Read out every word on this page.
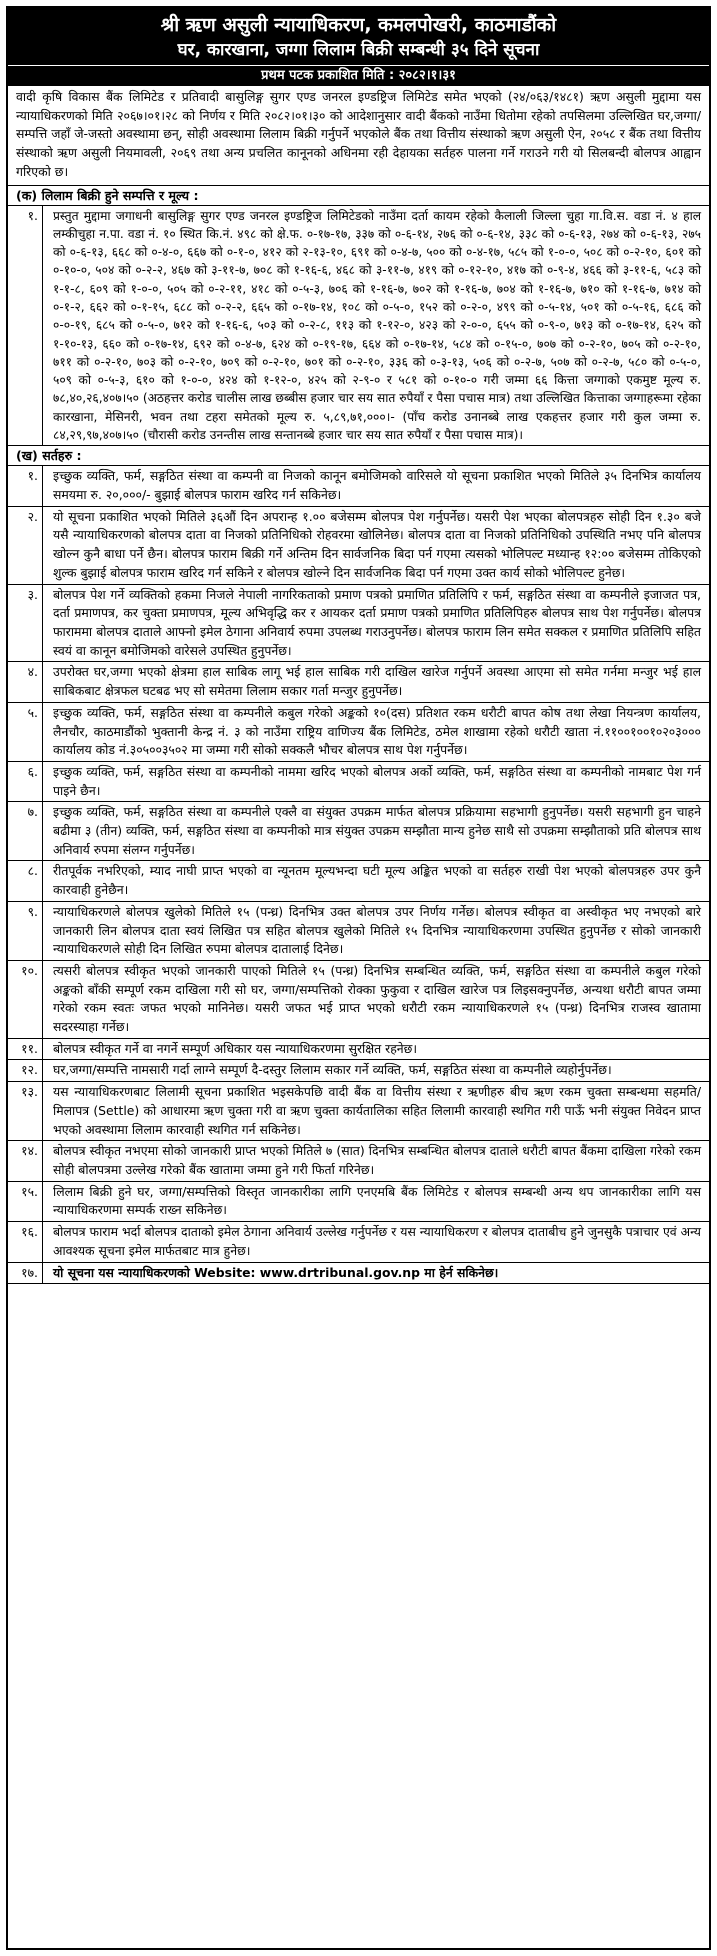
श्री ऋण असुली न्यायाधिकरण, कमलपोखरी, काठमाडौंको
घर, कारखाना, जग्गा लिलाम बिक्री सम्बन्धी ३५ दिने सूचना
प्रथम पटक प्रकाशित मिति : २०८२।१।३१
वादी कृषि विकास बैंक लिमिटेड र प्रतिवादी बासुलिङ्ग सुगर एण्ड जनरल इण्डष्ट्रिज लिमिटेड समेत भएको (२४/०६३/१४८१) ऋण असुली मुद्दामा यस न्यायाधिकरणको मिति २०६७।०१।२८ को निर्णय र मिति २०८२।०१।३० को आदेशानुसार वादी बैंकको नाउँमा धितोमा रहेको तपसिलमा उल्लिखित घर,जग्गा/सम्पत्ति जहाँ जे-जस्तो अवस्थामा छन्, सोही अवस्थामा लिलाम बिक्री गर्नुपर्ने भएकोले बैंक तथा वित्तीय संस्थाको ऋण असुली ऐन, २०५८ र बैंक तथा वित्तीय संस्थाको ऋण असुली नियमावली, २०६९ तथा अन्य प्रचलित कानूनको अधिनमा रही देहायका सर्तहरु पालना गर्ने गराउने गरी यो सिलबन्दी बोलपत्र आह्वान गरिएको छ।
(क) लिलाम बिक्री हुने सम्पत्ति र मूल्य :
१.	प्रस्तुत मुद्दामा जगाधनी बासुलिङ्ग सुगर एण्ड जनरल इण्डष्ट्रिज लिमिटेडको नाउँमा दर्ता कायम रहेको कैलाली जिल्ला चुहा गा.वि.स. वडा नं. ४ हाल लम्कीचुहा न.पा. वडा नं. १० स्थित कि.नं. ४९८ को क्षे.फ. ०-१७-१७, ३३७ को ०-६-१४, २७६ को ०-६-१४, ३३८ को ०-६-१३, २७४ को ०-६-१३, २७५ को ०-६-१३, ६६८ को ०-४-०, ६६७ को ०-१-०, ४१२ को २-१३-१०, ६९१ को ०-४-७, ५०० को ०-४-१७, ५८५ को १-०-०, ५०८ को ०-२-१०, ६०१ को ०-१०-०, ५०४ को ०-२-२, ४६७ को ३-११-७, ७०८ को १-१६-६, ४६८ को ३-११-७, ४१९ को ०-१२-१०, ४१७ को ०-९-४, ४६६ को ३-११-६, ५८३ को १-१-८, ६०९ को १-०-०, ५०५ को ०-२-११, ४१८ को ०-५-३, ७०६ को १-१६-७, ७०२ को १-१६-७, ७०४ को १-१६-७, ७१० को १-१६-७, ७१४ को ०-१-२, ६६२ को ०-१-१५, ६८८ को ०-२-२, ६६५ को ०-१७-१४, १०८ को ०-५-०, १५२ को ०-२-०, ४९९ को ०-५-१४, ५०१ को ०-५-१६, ६८६ को ०-०-१९, ६८५ को ०-५-०, ७१२ को १-१६-६, ५०३ को ०-२-८, ११३ को १-१२-०, ४२३ को २-०-०, ६५५ को ०-९-०, ७१३ को ०-१७-१४, ६२५ को १-१०-१३, ६६० को ०-१७-१४, ६९२ को ०-४-७, ६२४ को ०-१९-१७, ६६४ को ०-१७-१४, ५८४ को ०-१५-०, ७०७ को ०-२-१०, ७०५ को ०-२-१०, ७११ को ०-२-१०, ७०३ को ०-२-१०, ७०९ को ०-२-१०, ७०१ को ०-२-१०, ३३६ को ०-३-१३, ५०६ को ०-२-७, ५०७ को ०-२-७, ५८० को ०-५-०, ५०९ को ०-५-३, ६१० को १-०-०, ४२४ को १-१२-०, ४२५ को २-९-० र ५८१ को ०-१०-० गरी जम्मा ६६ कित्ता जग्गाको एकमुष्ट मूल्य रु. ७८,४०,२६,४०७।५० (अठहत्तर करोड चालीस लाख छब्बीस हजार चार सय सात रुपैयाँ र पैसा पचास मात्र) तथा उल्लिखित कित्ताका जग्गाहरूमा रहेका कारखाना, मेसिनरी, भवन तथा टहरा समेतको मूल्य रु. ५,८९,७१,०००।- (पाँच करोड उनानब्बे लाख एकहत्तर हजार गरी कुल जम्मा रु. ८४,२९,९७,४०७।५० (चौरासी करोड उनन्तीस लाख सन्तानब्बे हजार चार सय सात रुपैयाँ र पैसा पचास मात्र)।
(ख) सर्तहरु :
१.	इच्छुक व्यक्ति, फर्म, सङ्गठित संस्था वा कम्पनी वा निजको कानून बमोजिमको वारिसले यो सूचना प्रकाशित भएको मितिले ३५ दिनभित्र कार्यालय समयमा रु. २०,०००/- बुझाई बोलपत्र फाराम खरिद गर्न सकिनेछ।
२.	यो सूचना प्रकाशित भएको मितिले ३६औं दिन अपरान्ह १.०० बजेसम्म बोलपत्र पेश गर्नुपर्नेछ। यसरी पेश भएका बोलपत्रहरु सोही दिन १.३० बजे यसै न्यायाधिकरणको बोलपत्र दाता वा निजको प्रतिनिधिको रोहवरमा खोलिनेछ। बोलपत्र दाता वा निजको प्रतिनिधिको उपस्थिति नभए पनि बोलपत्र खोल्न कुनै बाधा पर्ने छैन। बोलपत्र फाराम बिक्री गर्ने अन्तिम दिन सार्वजनिक बिदा पर्न गएमा त्यसको भोलिपल्ट मध्यान्ह १२:०० बजेसम्म तोकिएको शुल्क बुझाई बोलपत्र फाराम खरिद गर्न सकिने र बोलपत्र खोल्ने दिन सार्वजनिक बिदा पर्न गएमा उक्त कार्य सोको भोलिपल्ट हुनेछ।
३.	बोलपत्र पेश गर्ने व्यक्तिको हकमा निजले नेपाली नागरिकताको प्रमाण पत्रको प्रमाणित प्रतिलिपि र फर्म, सङ्गठित संस्था वा कम्पनीले इजाजत पत्र, दर्ता प्रमाणपत्र, कर चुक्ता प्रमाणपत्र, मूल्य अभिवृद्धि कर र आयकर दर्ता प्रमाण पत्रको प्रमाणित प्रतिलिपिहरु बोलपत्र साथ पेश गर्नुपर्नेछ। बोलपत्र फाराममा बोलपत्र दाताले आफ्नो इमेल ठेगाना अनिवार्य रुपमा उपलब्ध गराउनुपर्नेछ। बोलपत्र फाराम लिन समेत सक्कल र प्रमाणित प्रतिलिपि सहित स्वयं वा कानून बमोजिमको वारेसले उपस्थित हुनुपर्नेछ।
४.	उपरोक्त घर,जग्गा भएको क्षेत्रमा हाल साबिक लागू भई हाल साबिक गरी दाखिल खारेज गर्नुपर्ने अवस्था आएमा सो समेत गर्नमा मन्जुर भई हाल साबिकबाट क्षेत्रफल घटबढ भए सो समेतमा लिलाम सकार गर्ता मन्जुर हुनुपर्नेछ।
५.	इच्छुक व्यक्ति, फर्म, सङ्गठित संस्था वा कम्पनीले कबुल गरेको अङ्कको १०(दस) प्रतिशत रकम धरौटी बापत कोष तथा लेखा नियन्त्रण कार्यालय, लैनचौर, काठमाडौंको भुक्तानी केन्द्र नं. ३ को नाउँमा राष्ट्रिय वाणिज्य बैंक लिमिटेड, ठमेल शाखामा रहेको धरौटी खाता नं.११००१००१०२०३००० कार्यालय कोड नं.३०५००३५०२ मा जम्मा गरी सोको सक्कलै भौचर बोलपत्र साथ पेश गर्नुपर्नेछ।
६.	इच्छुक व्यक्ति, फर्म, सङ्गठित संस्था वा कम्पनीको नाममा खरिद भएको बोलपत्र अर्को व्यक्ति, फर्म, सङ्गठित संस्था वा कम्पनीको नामबाट पेश गर्न पाइने छैन।
७.	इच्छुक व्यक्ति, फर्म, सङ्गठित संस्था वा कम्पनीले एक्लै वा संयुक्त उपक्रम मार्फत बोलपत्र प्रक्रियामा सहभागी हुनुपर्नेछ। यसरी सहभागी हुन चाहने बढीमा ३ (तीन) व्यक्ति, फर्म, सङ्गठित संस्था वा कम्पनीको मात्र संयुक्त उपक्रम सम्झौता मान्य हुनेछ साथै सो उपक्रमा सम्झौताको प्रति बोलपत्र साथ अनिवार्य रुपमा संलग्न गर्नुपर्नेछ।
८.	रीतपूर्वक नभरिएको, म्याद नाघी प्राप्त भएको वा न्यूनतम मूल्यभन्दा घटी मूल्य अङ्कित भएको वा सर्तहरु राखी पेश भएको बोलपत्रहरु उपर कुनै कारवाही हुनेछैन।
९.	न्यायाधिकरणले बोलपत्र खुलेको मितिले १५ (पन्ध्र) दिनभित्र उक्त बोलपत्र उपर निर्णय गर्नेछ। बोलपत्र स्वीकृत वा अस्वीकृत भए नभएको बारे जानकारी लिन बोलपत्र दाता स्वयं लिखित पत्र सहित बोलपत्र खुलेको मितिले १५ दिनभित्र न्यायाधिकरणमा उपस्थित हुनुपर्नेछ र सोको जानकारी न्यायाधिकरणले सोही दिन लिखित रुपमा बोलपत्र दातालाई दिनेछ।
१०.	त्यसरी बोलपत्र स्वीकृत भएको जानकारी पाएको मितिले १५ (पन्ध्र) दिनभित्र सम्बन्धित व्यक्ति, फर्म, सङ्गठित संस्था वा कम्पनीले कबुल गरेको अङ्कको बाँकी सम्पूर्ण रकम दाखिला गरी सो घर, जग्गा/सम्पत्तिको रोक्का फुकुवा र दाखिल खारेज पत्र लिइसक्नुपर्नेछ, अन्यथा धरौटी बापत जम्मा गरेको रकम स्वतः जफत भएको मानिनेछ। यसरी जफत भई प्राप्त भएको धरौटी रकम न्यायाधिकरणले १५ (पन्ध्र) दिनभित्र राजस्व खातामा सदरस्याहा गर्नेछ।
११.	बोलपत्र स्वीकृत गर्ने वा नगर्ने सम्पूर्ण अधिकार यस न्यायाधिकरणमा सुरक्षित रहनेछ।
१२.	घर,जग्गा/सम्पत्ति नामसारी गर्दा लाग्ने सम्पूर्ण दै-दस्तुर लिलाम सकार गर्ने व्यक्ति, फर्म, सङ्गठित संस्था वा कम्पनीले व्यहोर्नुपर्नेछ।
१३.	यस न्यायाधिकरणबाट लिलामी सूचना प्रकाशित भइसकेपछि वादी बैंक वा वित्तीय संस्था र ऋणीहरु बीच ऋण रकम चुक्ता सम्बन्धमा सहमति/मिलापत्र (Settle) को आधारमा ऋण चुक्ता गरी वा ऋण चुक्ता कार्यतालिका सहित लिलामी कारवाही स्थगित गरी पाऊँ भनी संयुक्त निवेदन प्राप्त भएको अवस्थामा लिलाम कारवाही स्थगित गर्न सकिनेछ।
१४.	बोलपत्र स्वीकृत नभएमा सोको जानकारी प्राप्त भएको मितिले ७ (सात) दिनभित्र सम्बन्धित बोलपत्र दाताले धरौटी बापत बैंकमा दाखिला गरेको रकम सोही बोलपत्रमा उल्लेख गरेको बैंक खातामा जम्मा हुने गरी फिर्ता गरिनेछ।
१५.	लिलाम बिक्री हुने घर, जग्गा/सम्पत्तिको विस्तृत जानकारीका लागि एनएमबि बैंक लिमिटेड र बोलपत्र सम्बन्धी अन्य थप जानकारीका लागि यस न्यायाधिकरणमा सम्पर्क राख्न सकिनेछ।
१६.	बोलपत्र फाराम भर्दा बोलपत्र दाताको इमेल ठेगाना अनिवार्य उल्लेख गर्नुपर्नेछ र यस न्यायाधिकरण र बोलपत्र दाताबीच हुने जुनसुकै पत्राचार एवं अन्य आवश्यक सूचना इमेल मार्फतबाट मात्र हुनेछ।
१७.	यो सूचना यस न्यायाधिकरणको Website: www.drtribunal.gov.np मा हेर्न सकिनेछ।
